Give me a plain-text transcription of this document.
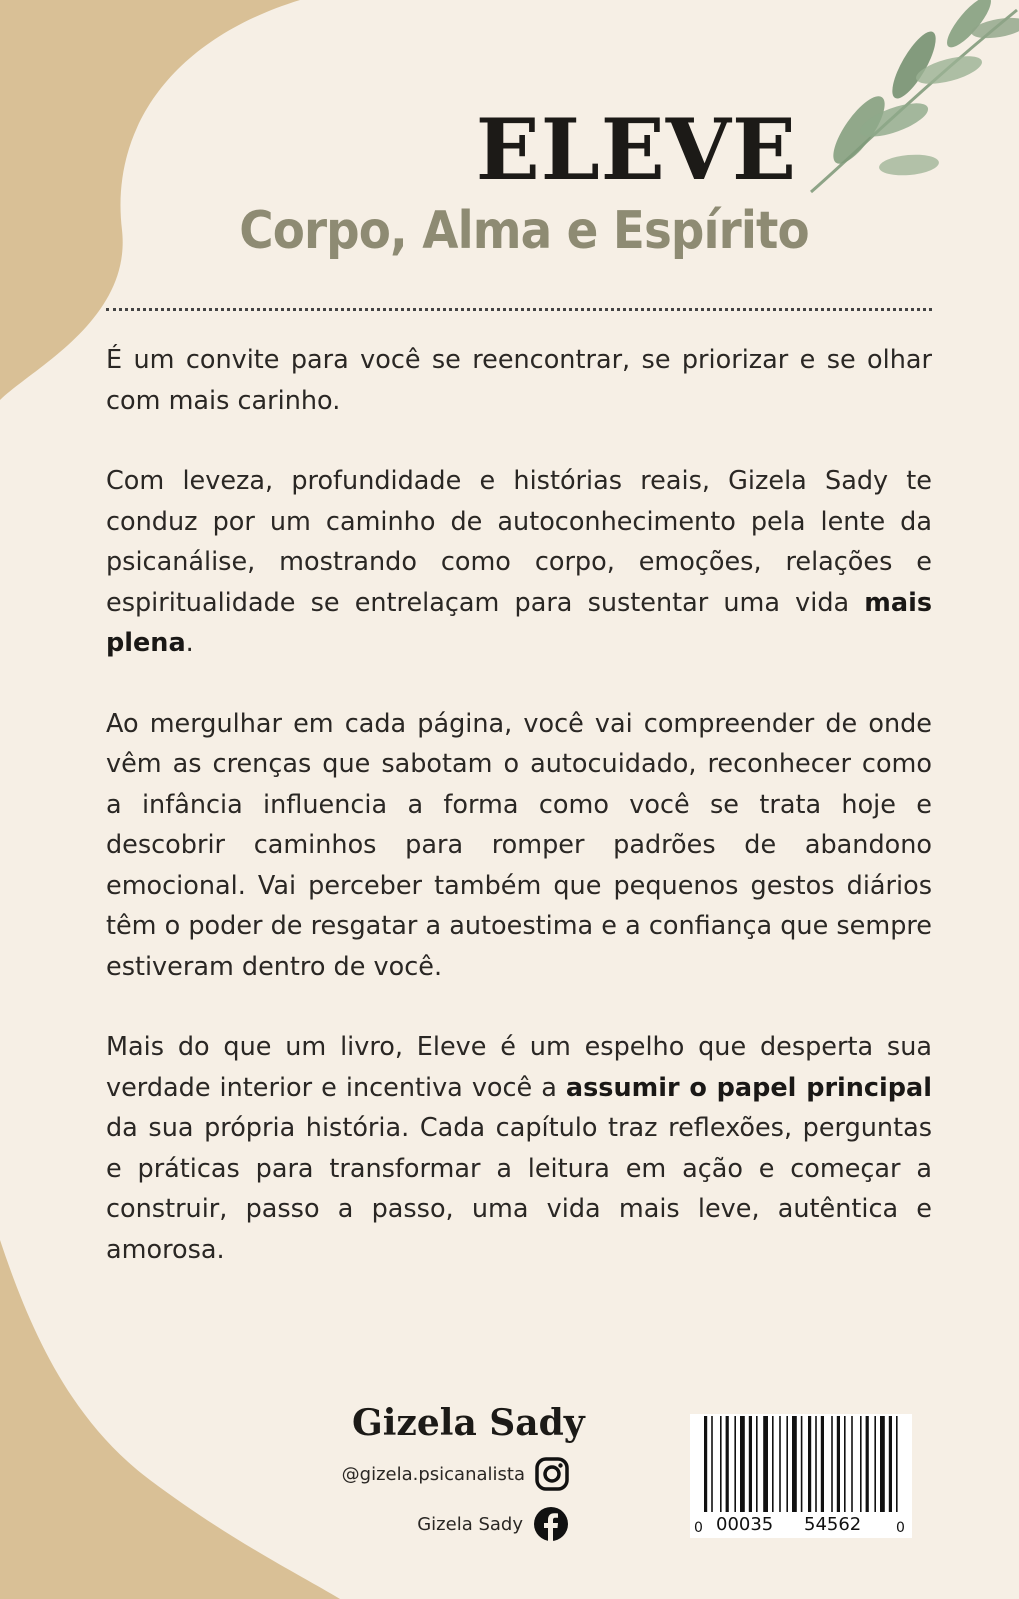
ELEVE
Corpo, Alma e Espírito

É um convite para você se reencontrar, se priorizar e se olhar com mais carinho.

Com leveza, profundidade e histórias reais, Gizela Sady te conduz por um caminho de autoconhecimento pela lente da psicanálise, mostrando como corpo, emoções, relações e espiritualidade se entrelaçam para sustentar uma vida mais plena.

Ao mergulhar em cada página, você vai compreender de onde vêm as crenças que sabotam o autocuidado, reconhecer como a infância influencia a forma como você se trata hoje e descobrir caminhos para romper padrões de abandono emocional. Vai perceber também que pequenos gestos diários têm o poder de resgatar a autoestima e a confiança que sempre estiveram dentro de você.

Mais do que um livro, Eleve é um espelho que desperta sua verdade interior e incentiva você a assumir o papel principal da sua própria história. Cada capítulo traz reflexões, perguntas e práticas para transformar a leitura em ação e começar a construir, passo a passo, uma vida mais leve, autêntica e amorosa.

Gizela Sady
@gizela.psicanalista
Gizela Sady	0 00035 54562 0
